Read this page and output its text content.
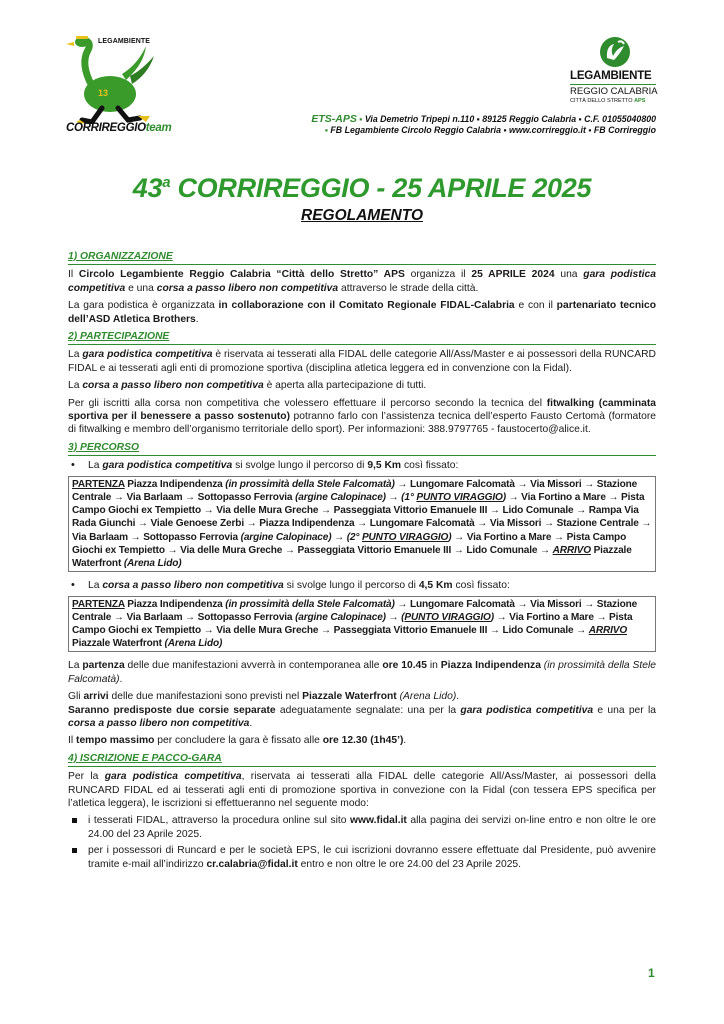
13
LEGAMBIENTE
CORRIREGGIOteam
LEGAMBIENTE
REGGIO CALABRIA
CITTÀ DELLO STRETTO APS
ETS-APS ▪ Via Demetrio Tripepi n.110 ▪ 89125 Reggio Calabria ▪ C.F. 01055040800
▪ FB Legambiente Circolo Reggio Calabria ▪ www.corrireggio.it ▪ FB Corrireggio
43$^a$ CORRIREGGIO - 25 APRILE 2025
REGOLAMENTO
1) ORGANIZZAZIONE

Il Circolo Legambiente Reggio Calabria “Città dello Stretto” APS organizza il 25 APRILE 2024 una gara podistica competitiva e una corsa a passo libero non competitiva attraverso le strade della città.

La gara podistica è organizzata in collaborazione con il Comitato Regionale FIDAL-Calabria e con il partenariato tecnico dell’ASD Atletica Brothers.

2) PARTECIPAZIONE

La gara podistica competitiva è riservata ai tesserati alla FIDAL delle categorie All/Ass/Master e ai possessori della RUNCARD FIDAL e ai tesserati agli enti di promozione sportiva (disciplina atletica leggera ed in convenzione con la Fidal).

La corsa a passo libero non competitiva è aperta alla partecipazione di tutti.

Per gli iscritti alla corsa non competitiva che volessero effettuare il percorso secondo la tecnica del fitwalking (camminata sportiva per il benessere a passo sostenuto) potranno farlo con l’assistenza tecnica dell’esperto Fausto Certomà (formatore di fitwalking e membro dell’organismo territoriale dello sport). Per informazioni: 388.9797765 - faustocerto@alice.it.

3) PERCORSO
• La gara podistica competitiva si svolge lungo il percorso di 9,5 Km così fissato:
PARTENZA Piazza Indipendenza (in prossimità della Stele Falcomatà) → Lungomare Falcomatà → Via Missori → Stazione Centrale → Via Barlaam → Sottopasso Ferrovia (argine Calopinace) → (1° PUNTO VIRAGGIO) → Via Fortino a Mare → Pista Campo Giochi ex Tempietto → Via delle Mura Greche → Passeggiata Vittorio Emanuele III → Lido Comunale → Rampa Via Rada Giunchi → Viale Genoese Zerbi → Piazza Indipendenza → Lungomare Falcomatà → Via Missori → Stazione Centrale → Via Barlaam → Sottopasso Ferrovia (argine Calopinace) → (2° PUNTO VIRAGGIO) → Via Fortino a Mare → Pista Campo Giochi ex Tempietto → Via delle Mura Greche → Passeggiata Vittorio Emanuele III → Lido Comunale → ARRIVO Piazzale Waterfront (Arena Lido)
• La corsa a passo libero non competitiva si svolge lungo il percorso di 4,5 Km così fissato:
PARTENZA Piazza Indipendenza (in prossimità della Stele Falcomatà) → Lungomare Falcomatà → Via Missori → Stazione Centrale → Via Barlaam → Sottopasso Ferrovia (argine Calopinace) → (PUNTO VIRAGGIO) → Via Fortino a Mare → Pista Campo Giochi ex Tempietto → Via delle Mura Greche → Passeggiata Vittorio Emanuele III → Lido Comunale → ARRIVO Piazzale Waterfront (Arena Lido)

La partenza delle due manifestazioni avverrà in contemporanea alle ore 10.45 in Piazza Indipendenza (in prossimità della Stele Falcomatà).

Gli arrivi delle due manifestazioni sono previsti nel Piazzale Waterfront (Arena Lido).

Saranno predisposte due corsie separate adeguatamente segnalate: una per la gara podistica competitiva e una per la corsa a passo libero non competitiva.

Il tempo massimo per concludere la gara è fissato alle ore 12.30 (1h45’).

4) ISCRIZIONE E PACCO-GARA

Per la gara podistica competitiva, riservata ai tesserati alla FIDAL delle categorie All/Ass/Master, ai possessori della RUNCARD FIDAL ed ai tesserati agli enti di promozione sportiva in conveziоne con la Fidal (con tessera EPS specifica per l’atletica leggera), le iscrizioni si effettueranno nel seguente modo:

i tesserati FIDAL, attraverso la procedura online sul sito www.fidal.it alla pagina dei servizi on-line entro e non oltre le ore 24.00 del 23 Aprile 2025.
per i possessori di Runcard e per le società EPS, le cui iscrizioni dovranno essere effettuate dal Presidente, può avvenire tramite e-mail all’indirizzo cr.calabria@fidal.it entro e non oltre le ore 24.00 del 23 Aprile 2025.
1
